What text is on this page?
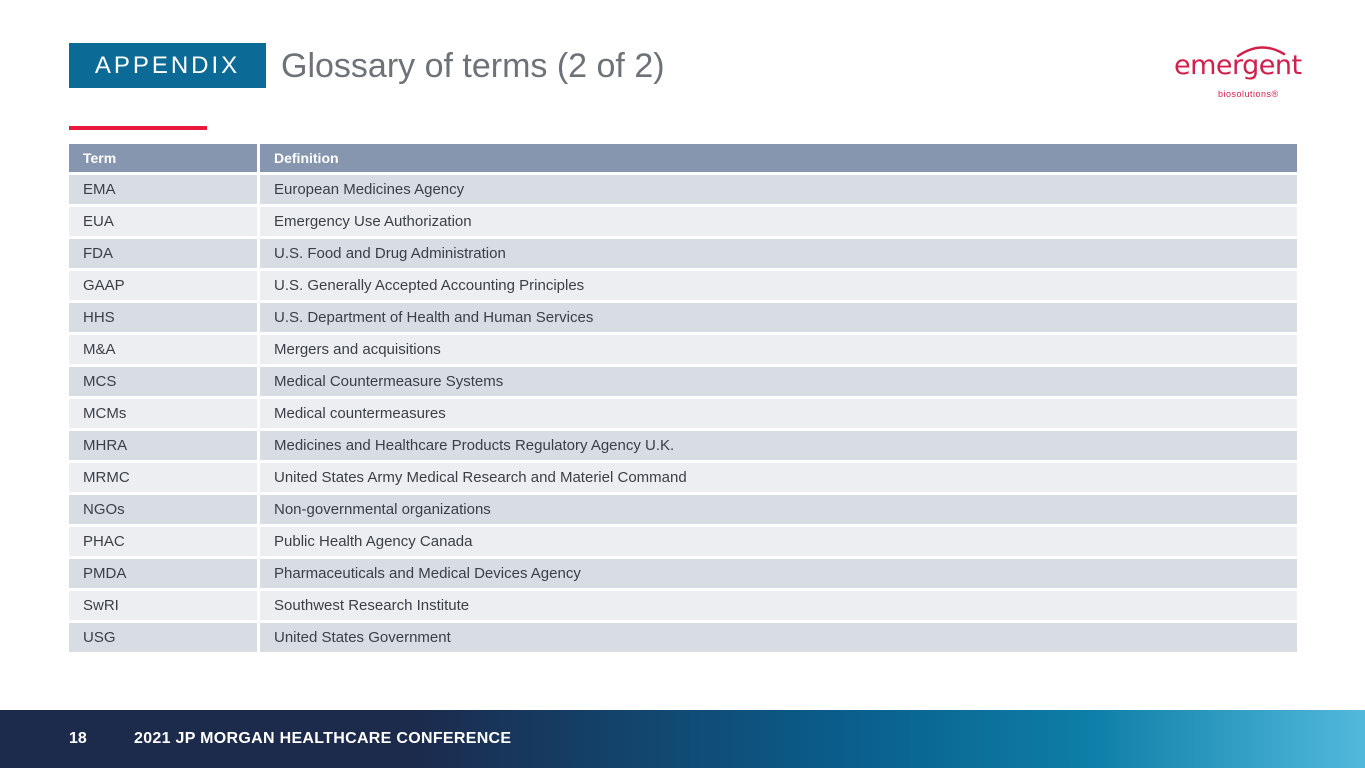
APPENDIX	Glossary of terms (2 of 2)	emergent
biosolutions®
Term	Definition
EMA	European Medicines Agency
EUA	Emergency Use Authorization
FDA	U.S. Food and Drug Administration
GAAP	U.S. Generally Accepted Accounting Principles
HHS	U.S. Department of Health and Human Services
M&A	Mergers and acquisitions
MCS	Medical Countermeasure Systems
MCMs	Medical countermeasures
MHRA	Medicines and Healthcare Products Regulatory Agency U.K.
MRMC	United States Army Medical Research and Materiel Command
NGOs	Non-governmental organizations
PHAC	Public Health Agency Canada
PMDA	Pharmaceuticals and Medical Devices Agency
SwRI	Southwest Research Institute
USG	United States Government
18	2021 JP MORGAN HEALTHCARE CONFERENCE
